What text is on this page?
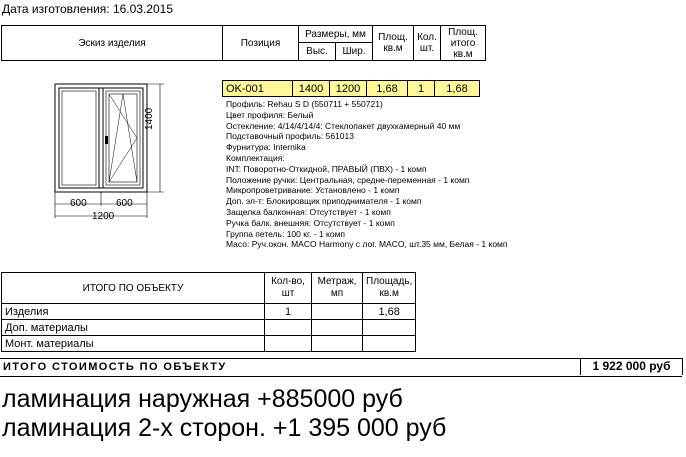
Дата изготовления: 16.03.2015
Эскиз изделия	Позиция	Размеры, мм		Площ. кв.м	Кол. шт.	Площ. итого кв.м
		Выс.	Шир.			
1400
600	600
1200
OK-001	1400	1200	1,68	1	1,68
Профиль: Rehau S D (550711 + 550721)
Цвет профиля: Белый
Остекление: 4/14/4/14/4: Стеклопакет двухкамерный 40 мм
Подставочный профиль: 561013
Фурнитура: Internika
Комплектация:
INT: Поворотно-Откидной, ПРАВЫЙ (ПВХ) - 1 комп
Положение ручки: Центральная, средне-переменная - 1 комп
Микропроветривание: Установлено - 1 комп
Доп. эл-т: Блокировщик приподнимателя - 1 комп
Защелка балконная: Отсутствует - 1 комп
Ручка балк. внешняя: Отсутствует - 1 комп
Группа петель: 100 кг. - 1 комп
Масо: Руч.окон. MACO Harmony с лог. MACO, шт.35 мм, Белая - 1 комп
ИТОГО ПО ОБЪЕКТУ	Кол-во, шт	Метраж, мп	Площадь, кв.м
Изделия	1		1,68
Доп. материалы			
Монт. материалы			
ИТОГО СТОИМОСТЬ ПО ОБЪЕКТУ	1 922 000 руб
ламинация наружная +885000 руб
ламинация 2-х сторон. +1 395 000 руб
